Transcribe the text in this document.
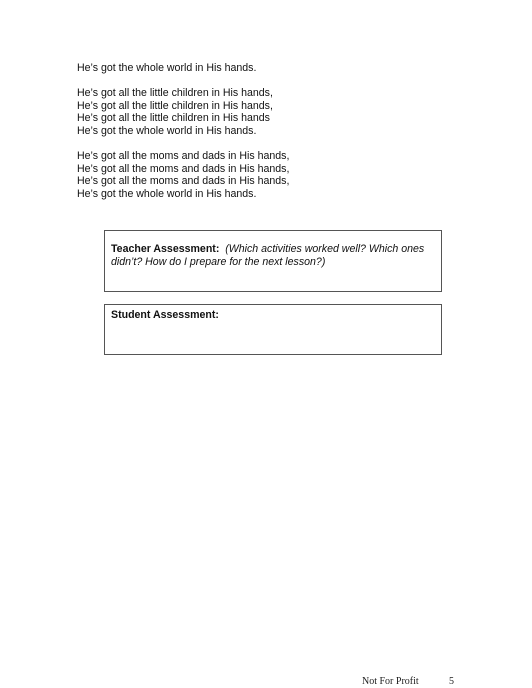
He’s got the whole world in His hands.
He’s got all the little children in His hands,
He’s got all the little children in His hands,
He’s got all the little children in His hands
He’s got the whole world in His hands.
He’s got all the moms and dads in His hands,
He’s got all the moms and dads in His hands,
He’s got all the moms and dads in His hands,
He’s got the whole world in His hands.
Teacher Assessment: (Which activities worked well? Which ones didn’t? How do I prepare for the next lesson?)
Student Assessment:
Not For Profit	5
